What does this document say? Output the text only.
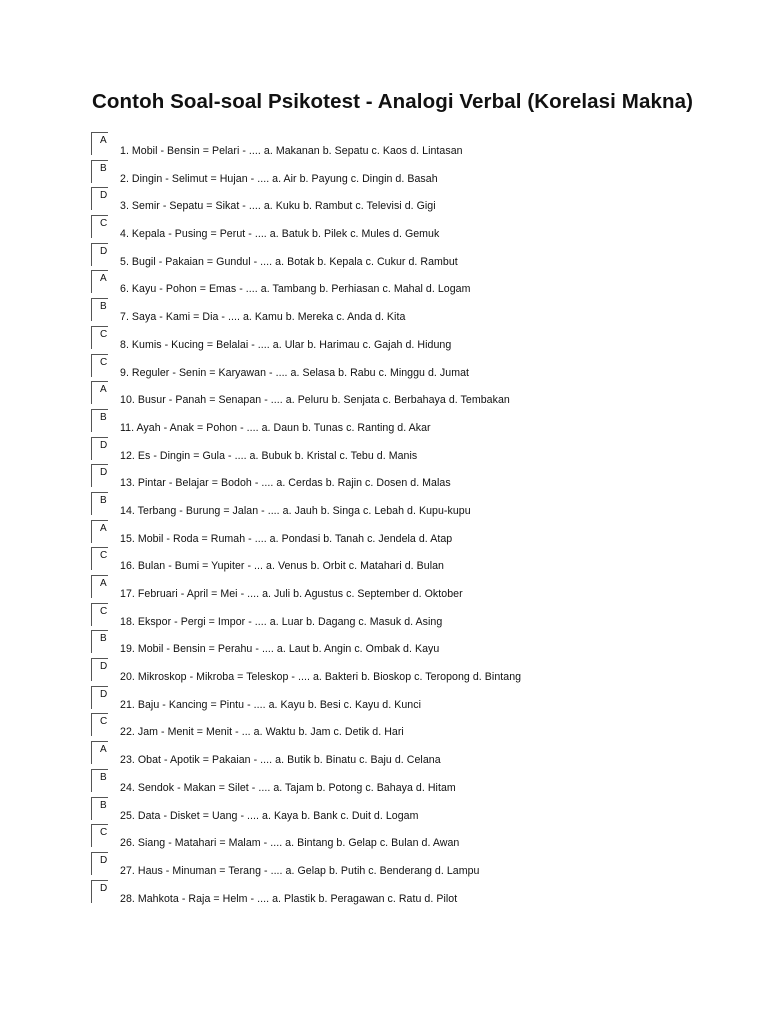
Contoh Soal-soal Psikotest - Analogi Verbal (Korelasi Makna)
A
1. Mobil - Bensin = Pelari - .... a. Makanan b. Sepatu c. Kaos d. Lintasan
B
2. Dingin - Selimut = Hujan - .... a. Air b. Payung c. Dingin d. Basah
D
3. Semir - Sepatu = Sikat - .... a. Kuku b. Rambut c. Televisi d. Gigi
C
4. Kepala - Pusing = Perut - .... a. Batuk b. Pilek c. Mules d. Gemuk
D
5. Bugil - Pakaian = Gundul - .... a. Botak b. Kepala c. Cukur d. Rambut
A
6. Kayu - Pohon = Emas - .... a. Tambang b. Perhiasan c. Mahal d. Logam
B
7. Saya - Kami = Dia - .... a. Kamu b. Mereka c. Anda d. Kita
C
8. Kumis - Kucing = Belalai - .... a. Ular b. Harimau c. Gajah d. Hidung
C
9. Reguler - Senin = Karyawan - .... a. Selasa b. Rabu c. Minggu d. Jumat
A
10. Busur - Panah = Senapan - .... a. Peluru b. Senjata c. Berbahaya d. Tembakan
B
11. Ayah - Anak = Pohon - .... a. Daun b. Tunas c. Ranting d. Akar
D
12. Es - Dingin = Gula - .... a. Bubuk b. Kristal c. Tebu d. Manis
D
13. Pintar - Belajar = Bodoh - .... a. Cerdas b. Rajin c. Dosen d. Malas
B
14. Terbang - Burung = Jalan - .... a. Jauh b. Singa c. Lebah d. Kupu-kupu
A
15. Mobil - Roda = Rumah - .... a. Pondasi b. Tanah c. Jendela d. Atap
C
16. Bulan - Bumi = Yupiter - ... a. Venus b. Orbit c. Matahari d. Bulan
A
17. Februari - April = Mei - .... a. Juli b. Agustus c. September d. Oktober
C
18. Ekspor - Pergi = Impor - .... a. Luar b. Dagang c. Masuk d. Asing
B
19. Mobil - Bensin = Perahu - .... a. Laut b. Angin c. Ombak d. Kayu
D
20. Mikroskop - Mikroba = Teleskop - .... a. Bakteri b. Bioskop c. Teropong d. Bintang
D
21. Baju - Kancing = Pintu - .... a. Kayu b. Besi c. Kayu d. Kunci
C
22. Jam - Menit = Menit - ... a. Waktu b. Jam c. Detik d. Hari
A
23. Obat - Apotik = Pakaian - .... a. Butik b. Binatu c. Baju d. Celana
B
24. Sendok - Makan = Silet - .... a. Tajam b. Potong c. Bahaya d. Hitam
B
25. Data - Disket = Uang - .... a. Kaya b. Bank c. Duit d. Logam
C
26. Siang - Matahari = Malam - .... a. Bintang b. Gelap c. Bulan d. Awan
D
27. Haus - Minuman = Terang - .... a. Gelap b. Putih c. Benderang d. Lampu
D
28. Mahkota - Raja = Helm - .... a. Plastik b. Peragawan c. Ratu d. Pilot
